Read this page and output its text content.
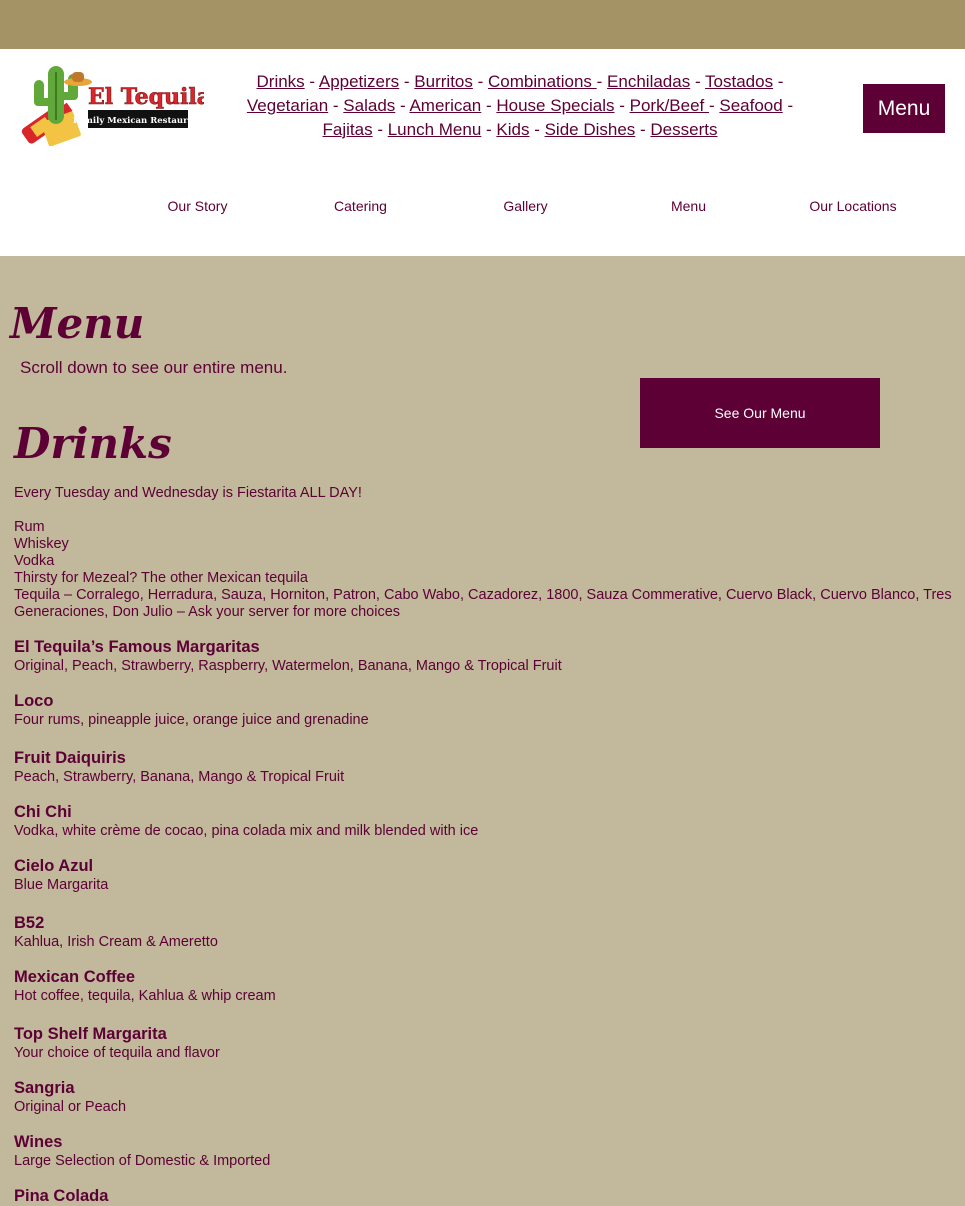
El Tequila
Family Mexican Restaurant
Drinks - Appetizers - Burritos - Combinations - Enchiladas - Tostados - Vegetarian - Salads - American - House Specials - Pork/Beef - Seafood - Fajitas - Lunch Menu - Kids - Side Dishes - Desserts
Menu
Our Story	Catering	Gallery	Menu	Our Locations
Menu
Scroll down to see our entire menu.
See Our Menu
Drinks
Every Tuesday and Wednesday is Fiestarita ALL DAY!
Rum
Whiskey
Vodka
Thirsty for Mezeal? The other Mexican tequila
Tequila – Corralego, Herradura, Sauza, Horniton, Patron, Cabo Wabo, Cazadorez, 1800, Sauza Commerative, Cuervo Black, Cuervo Blanco, Tres
Generaciones, Don Julio – Ask your server for more choices
El Tequila’s Famous Margaritas
Original, Peach, Strawberry, Raspberry, Watermelon, Banana, Mango & Tropical Fruit
Loco
Four rums, pineapple juice, orange juice and grenadine
Fruit Daiquiris
Peach, Strawberry, Banana, Mango & Tropical Fruit
Chi Chi
Vodka, white crème de cocao, pina colada mix and milk blended with ice
Cielo Azul
Blue Margarita
B52
Kahlua, Irish Cream & Ameretto
Mexican Coffee
Hot coffee, tequila, Kahlua & whip cream
Top Shelf Margarita
Your choice of tequila and flavor
Sangria
Original or Peach
Wines
Large Selection of Domestic & Imported
Pina Colada
